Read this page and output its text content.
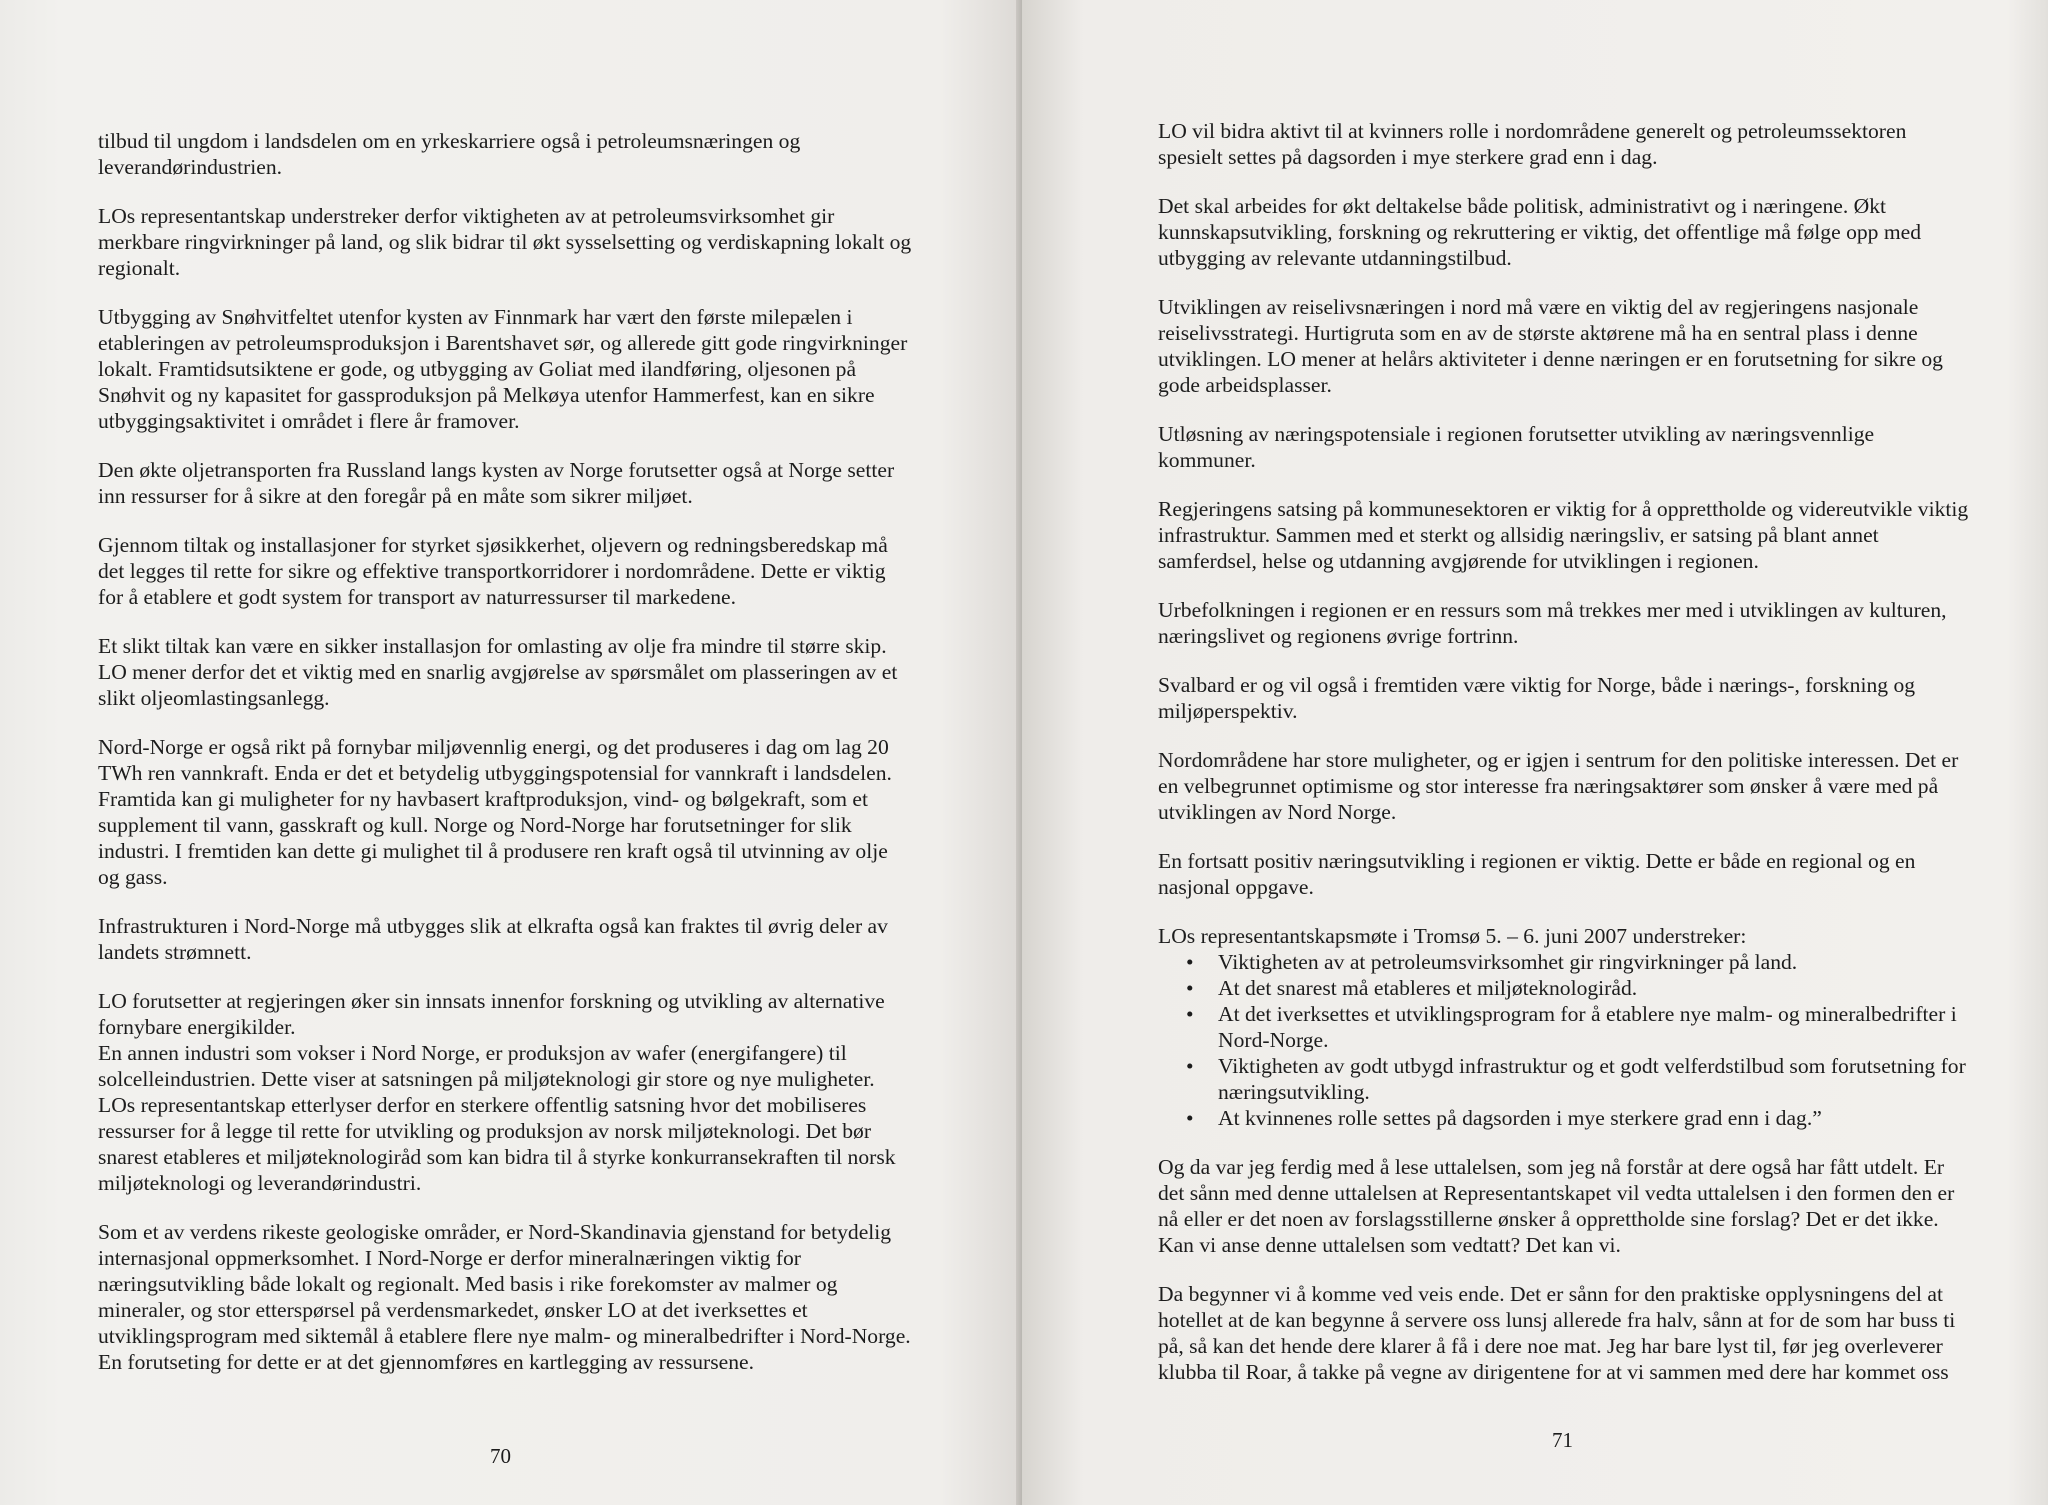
tilbud til ungdom i landsdelen om en yrkeskarriere også i petroleumsnæringen og
leverandørindustrien.

LOs representantskap understreker derfor viktigheten av at petroleumsvirksomhet gir
merkbare ringvirkninger på land, og slik bidrar til økt sysselsetting og verdiskapning lokalt og
regionalt.

Utbygging av Snøhvitfeltet utenfor kysten av Finnmark har vært den første milepælen i
etableringen av petroleumsproduksjon i Barentshavet sør, og allerede gitt gode ringvirkninger
lokalt. Framtidsutsiktene er gode, og utbygging av Goliat med ilandføring, oljesonen på
Snøhvit og ny kapasitet for gassproduksjon på Melkøya utenfor Hammerfest, kan en sikre
utbyggingsaktivitet i området i flere år framover.

Den økte oljetransporten fra Russland langs kysten av Norge forutsetter også at Norge setter
inn ressurser for å sikre at den foregår på en måte som sikrer miljøet.

Gjennom tiltak og installasjoner for styrket sjøsikkerhet, oljevern og redningsberedskap må
det legges til rette for sikre og effektive transportkorridorer i nordområdene. Dette er viktig
for å etablere et godt system for transport av naturressurser til markedene.

Et slikt tiltak kan være en sikker installasjon for omlasting av olje fra mindre til større skip.
LO mener derfor det et viktig med en snarlig avgjørelse av spørsmålet om plasseringen av et
slikt oljeomlastingsanlegg.

Nord-Norge er også rikt på fornybar miljøvennlig energi, og det produseres i dag om lag 20
TWh ren vannkraft. Enda er det et betydelig utbyggingspotensial for vannkraft i landsdelen.
Framtida kan gi muligheter for ny havbasert kraftproduksjon, vind- og bølgekraft, som et
supplement til vann, gasskraft og kull. Norge og Nord-Norge har forutsetninger for slik
industri. I fremtiden kan dette gi mulighet til å produsere ren kraft også til utvinning av olje
og gass.

Infrastrukturen i Nord-Norge må utbygges slik at elkrafta også kan fraktes til øvrig deler av
landets strømnett.

LO forutsetter at regjeringen øker sin innsats innenfor forskning og utvikling av alternative
fornybare energikilder.
En annen industri som vokser i Nord Norge, er produksjon av wafer (energifangere) til
solcelleindustrien. Dette viser at satsningen på miljøteknologi gir store og nye muligheter.
LOs representantskap etterlyser derfor en sterkere offentlig satsning hvor det mobiliseres
ressurser for å legge til rette for utvikling og produksjon av norsk miljøteknologi. Det bør
snarest etableres et miljøteknologiråd som kan bidra til å styrke konkurransekraften til norsk
miljøteknologi og leverandørindustri.

Som et av verdens rikeste geologiske områder, er Nord-Skandinavia gjenstand for betydelig
internasjonal oppmerksomhet. I Nord-Norge er derfor mineralnæringen viktig for
næringsutvikling både lokalt og regionalt. Med basis i rike forekomster av malmer og
mineraler, og stor etterspørsel på verdensmarkedet, ønsker LO at det iverksettes et
utviklingsprogram med siktemål å etablere flere nye malm- og mineralbedrifter i Nord-Norge.
En forutseting for dette er at det gjennomføres en kartlegging av ressursene.

70

LO vil bidra aktivt til at kvinners rolle i nordområdene generelt og petroleumssektoren
spesielt settes på dagsorden i mye sterkere grad enn i dag.

Det skal arbeides for økt deltakelse både politisk, administrativt og i næringene. Økt
kunnskapsutvikling, forskning og rekruttering er viktig, det offentlige må følge opp med
utbygging av relevante utdanningstilbud.

Utviklingen av reiselivsnæringen i nord må være en viktig del av regjeringens nasjonale
reiselivsstrategi. Hurtigruta som en av de største aktørene må ha en sentral plass i denne
utviklingen. LO mener at helårs aktiviteter i denne næringen er en forutsetning for sikre og
gode arbeidsplasser.

Utløsning av næringspotensiale i regionen forutsetter utvikling av næringsvennlige
kommuner.

Regjeringens satsing på kommunesektoren er viktig for å opprettholde og videreutvikle viktig
infrastruktur. Sammen med et sterkt og allsidig næringsliv, er satsing på blant annet
samferdsel, helse og utdanning avgjørende for utviklingen i regionen.

Urbefolkningen i regionen er en ressurs som må trekkes mer med i utviklingen av kulturen,
næringslivet og regionens øvrige fortrinn.

Svalbard er og vil også i fremtiden være viktig for Norge, både i nærings-, forskning og
miljøperspektiv.

Nordområdene har store muligheter, og er igjen i sentrum for den politiske interessen. Det er
en velbegrunnet optimisme og stor interesse fra næringsaktører som ønsker å være med på
utviklingen av Nord Norge.

En fortsatt positiv næringsutvikling i regionen er viktig. Dette er både en regional og en
nasjonal oppgave.

LOs representantskapsmøte i Tromsø 5. – 6. juni 2007 understreker:

• Viktigheten av at petroleumsvirksomhet gir ringvirkninger på land.
• At det snarest må etableres et miljøteknologiråd.
• At det iverksettes et utviklingsprogram for å etablere nye malm- og mineralbedrifter i
Nord-Norge.
• Viktigheten av godt utbygd infrastruktur og et godt velferdstilbud som forutsetning for
næringsutvikling.
• At kvinnenes rolle settes på dagsorden i mye sterkere grad enn i dag.”

Og da var jeg ferdig med å lese uttalelsen, som jeg nå forstår at dere også har fått utdelt. Er
det sånn med denne uttalelsen at Representantskapet vil vedta uttalelsen i den formen den er
nå eller er det noen av forslagsstillerne ønsker å opprettholde sine forslag? Det er det ikke.
Kan vi anse denne uttalelsen som vedtatt? Det kan vi.

Da begynner vi å komme ved veis ende. Det er sånn for den praktiske opplysningens del at
hotellet at de kan begynne å servere oss lunsj allerede fra halv, sånn at for de som har buss ti
på, så kan det hende dere klarer å få i dere noe mat. Jeg har bare lyst til, før jeg overleverer
klubba til Roar, å takke på vegne av dirigentene for at vi sammen med dere har kommet oss

71
